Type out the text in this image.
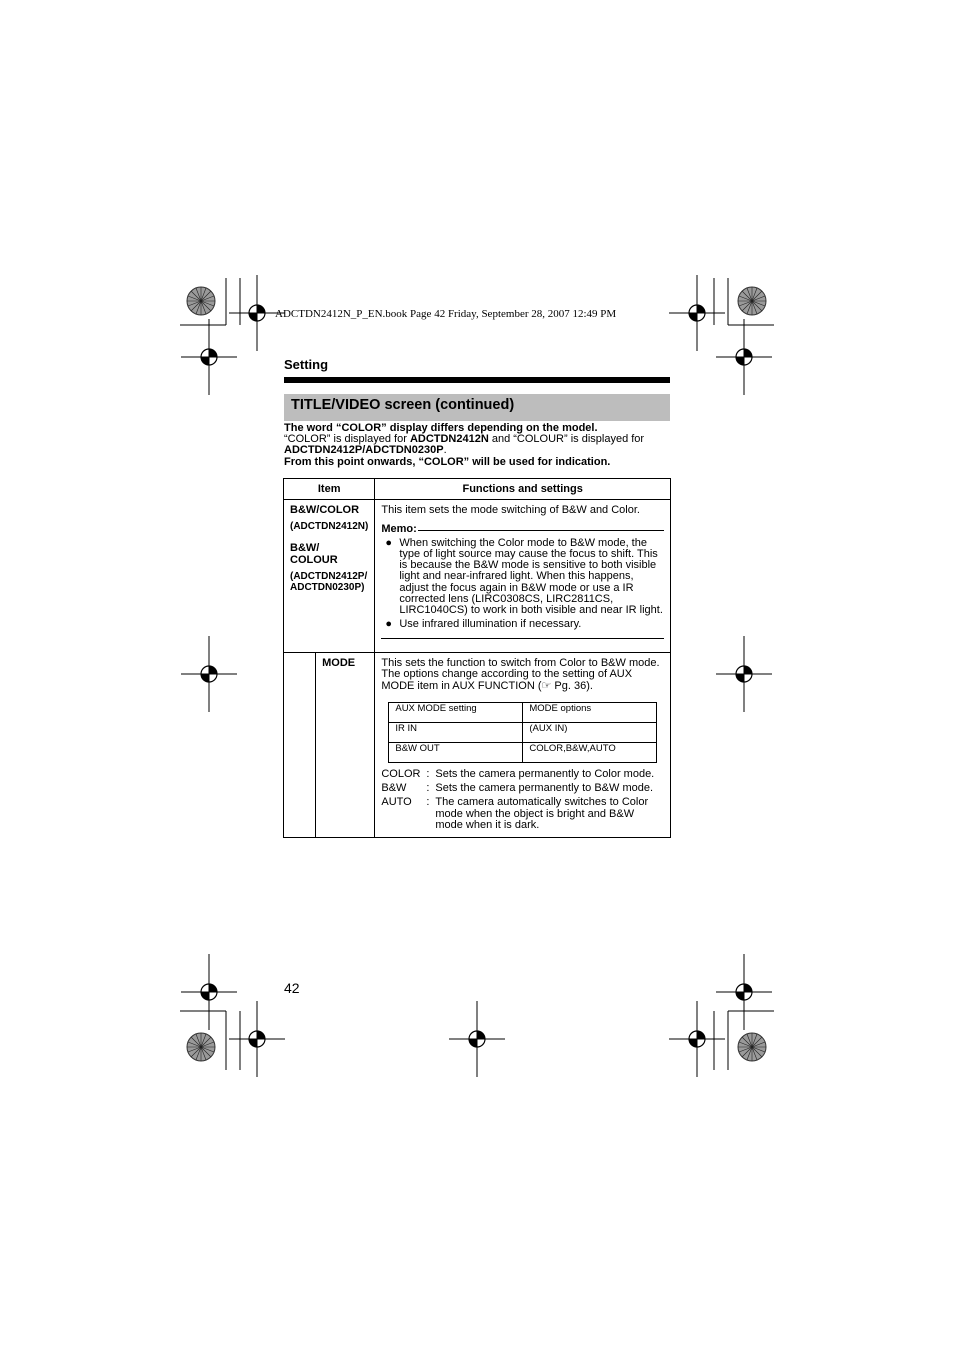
ADCTDN2412N_P_EN.book Page 42 Friday, September 28, 2007 12:49 PM
Setting
TITLE/VIDEO screen (continued)
The word “COLOR” display differs depending on the model.
“COLOR” is displayed for ADCTDN2412N and “COLOUR” is displayed for
ADCTDN2412P/ADCTDN0230P.
From this point onwards, “COLOR” will be used for indication.
Item	Functions and settings

B&W/COLOR
(ADCTDN2412N)
B&W/
COLOUR
(ADCTDN2412P/
ADCTDN0230P)

This item sets the mode switching of B&W and Color.
Memo:
● When switching the Color mode to B&W mode, the type of light source may cause the focus to shift. This is because the B&W mode is sensitive to both visible light and near-infrared light. When this happens, adjust the focus again in B&W mode or use a IR corrected lens (LIRC0308CS, LIRC2811CS, LIRC1040CS) to work in both visible and near IR light.
● Use infrared illumination if necessary.

MODE	This sets the function to switch from Color to B&W mode. The options change according to the setting of AUX MODE item in AUX FUNCTION (☞ Pg. 36).
AUX MODE setting	MODE options
IR IN	(AUX IN)
B&W OUT	COLOR,B&W,AUTO
COLOR : Sets the camera permanently to Color mode.
B&W	: Sets the camera permanently to B&W mode.
AUTO	: The camera automatically switches to Color mode when the object is bright and B&W mode when it is dark.
42
